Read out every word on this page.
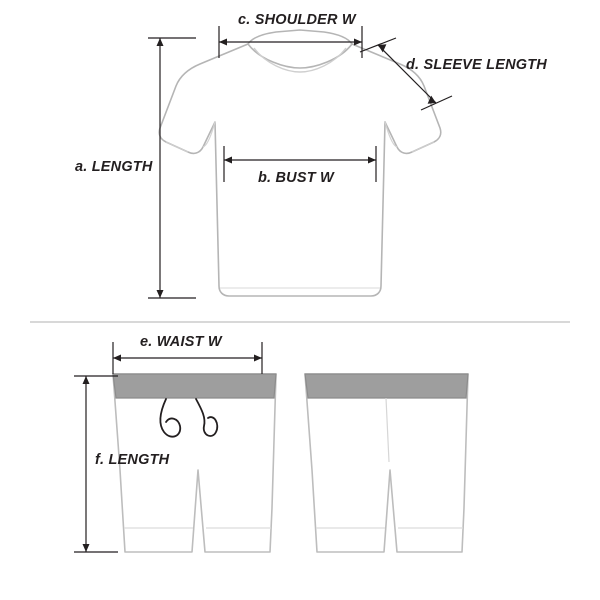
c. SHOULDER W
d. SLEEVE LENGTH
a. LENGTH
b. BUST W
e. WAIST W
f. LENGTH
